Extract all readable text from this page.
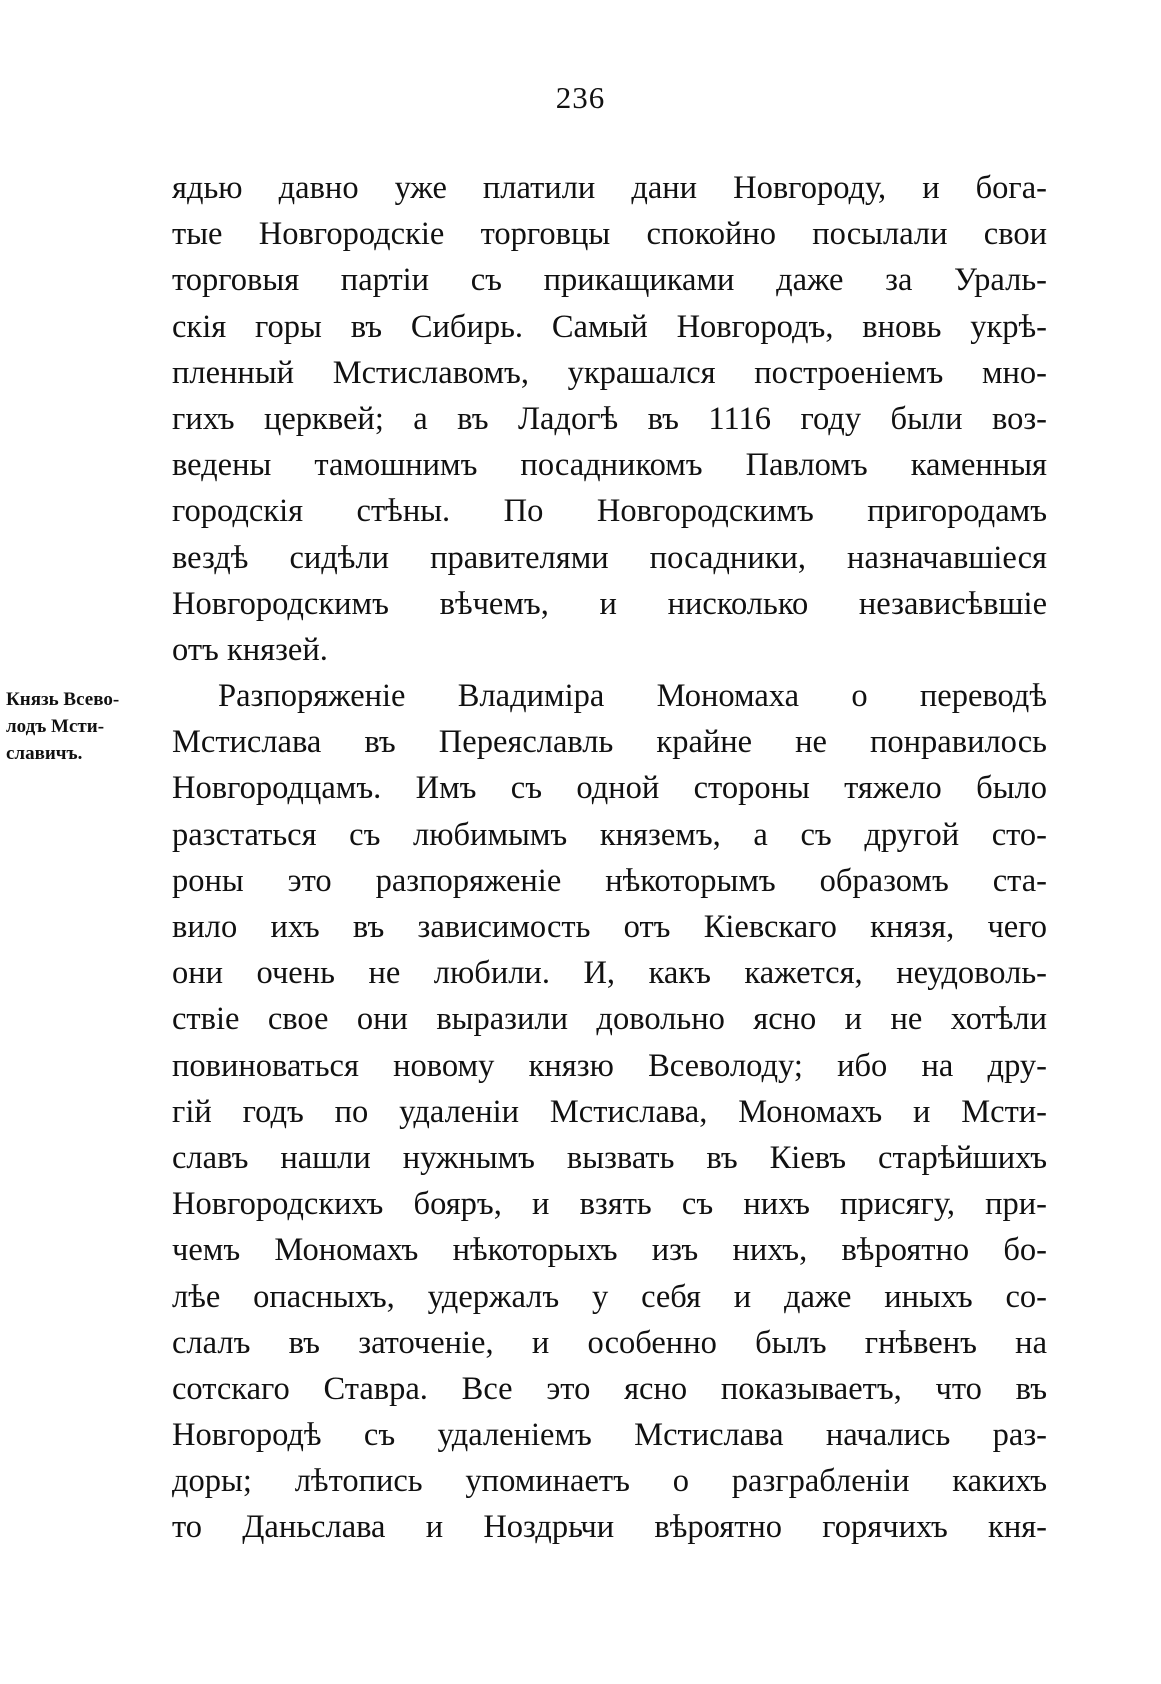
236
Князь Всево-
лодъ Мсти-
славичъ.
ядью давно уже платили дани Новгороду, и бога-
тые Новгородскіе торговцы спокойно посылали свои
торговыя партіи съ прикащиками даже за Ураль-
скія горы въ Сибирь. Самый Новгородъ, вновь укрѣ-
пленный Мстиславомъ, украшался построеніемъ мно-
гихъ церквей; а въ Ладогѣ въ 1116 году были воз-
ведены тамошнимъ посадникомъ Павломъ каменныя
городскія стѣны. По Новгородскимъ пригородамъ
вездѣ сидѣли правителями посадники, назначавшіеся
Новгородскимъ вѣчемъ, и нисколько независѣвшіе
отъ князей.
Разпоряженіе Владиміра Мономаха о переводѣ
Мстислава въ Переяславль крайне не понравилось
Новгородцамъ. Имъ съ одной стороны тяжело было
разстаться съ любимымъ княземъ, а съ другой сто-
роны это разпоряженіе нѣкоторымъ образомъ ста-
вило ихъ въ зависимость отъ Кіевскаго князя, чего
они очень не любили. И, какъ кажется, неудоволь-
ствіе свое они выразили довольно ясно и не хотѣли
повиноваться новому князю Всеволоду; ибо на дру-
гій годъ по удаленіи Мстислава, Мономахъ и Мсти-
славъ нашли нужнымъ вызвать въ Кіевъ старѣйшихъ
Новгородскихъ бояръ, и взять съ нихъ присягу, при-
чемъ Мономахъ нѣкоторыхъ изъ нихъ, вѣроятно бо-
лѣе опасныхъ, удержалъ у себя и даже иныхъ со-
слалъ въ заточеніе, и особенно былъ гнѣвенъ на
сотскаго Ставра. Все это ясно показываетъ, что въ
Новгородѣ съ удаленіемъ Мстислава начались раз-
доры; лѣтопись упоминаетъ о разграбленіи какихъ
то Даньслава и Ноздрьчи вѣроятно горячихъ кня-
